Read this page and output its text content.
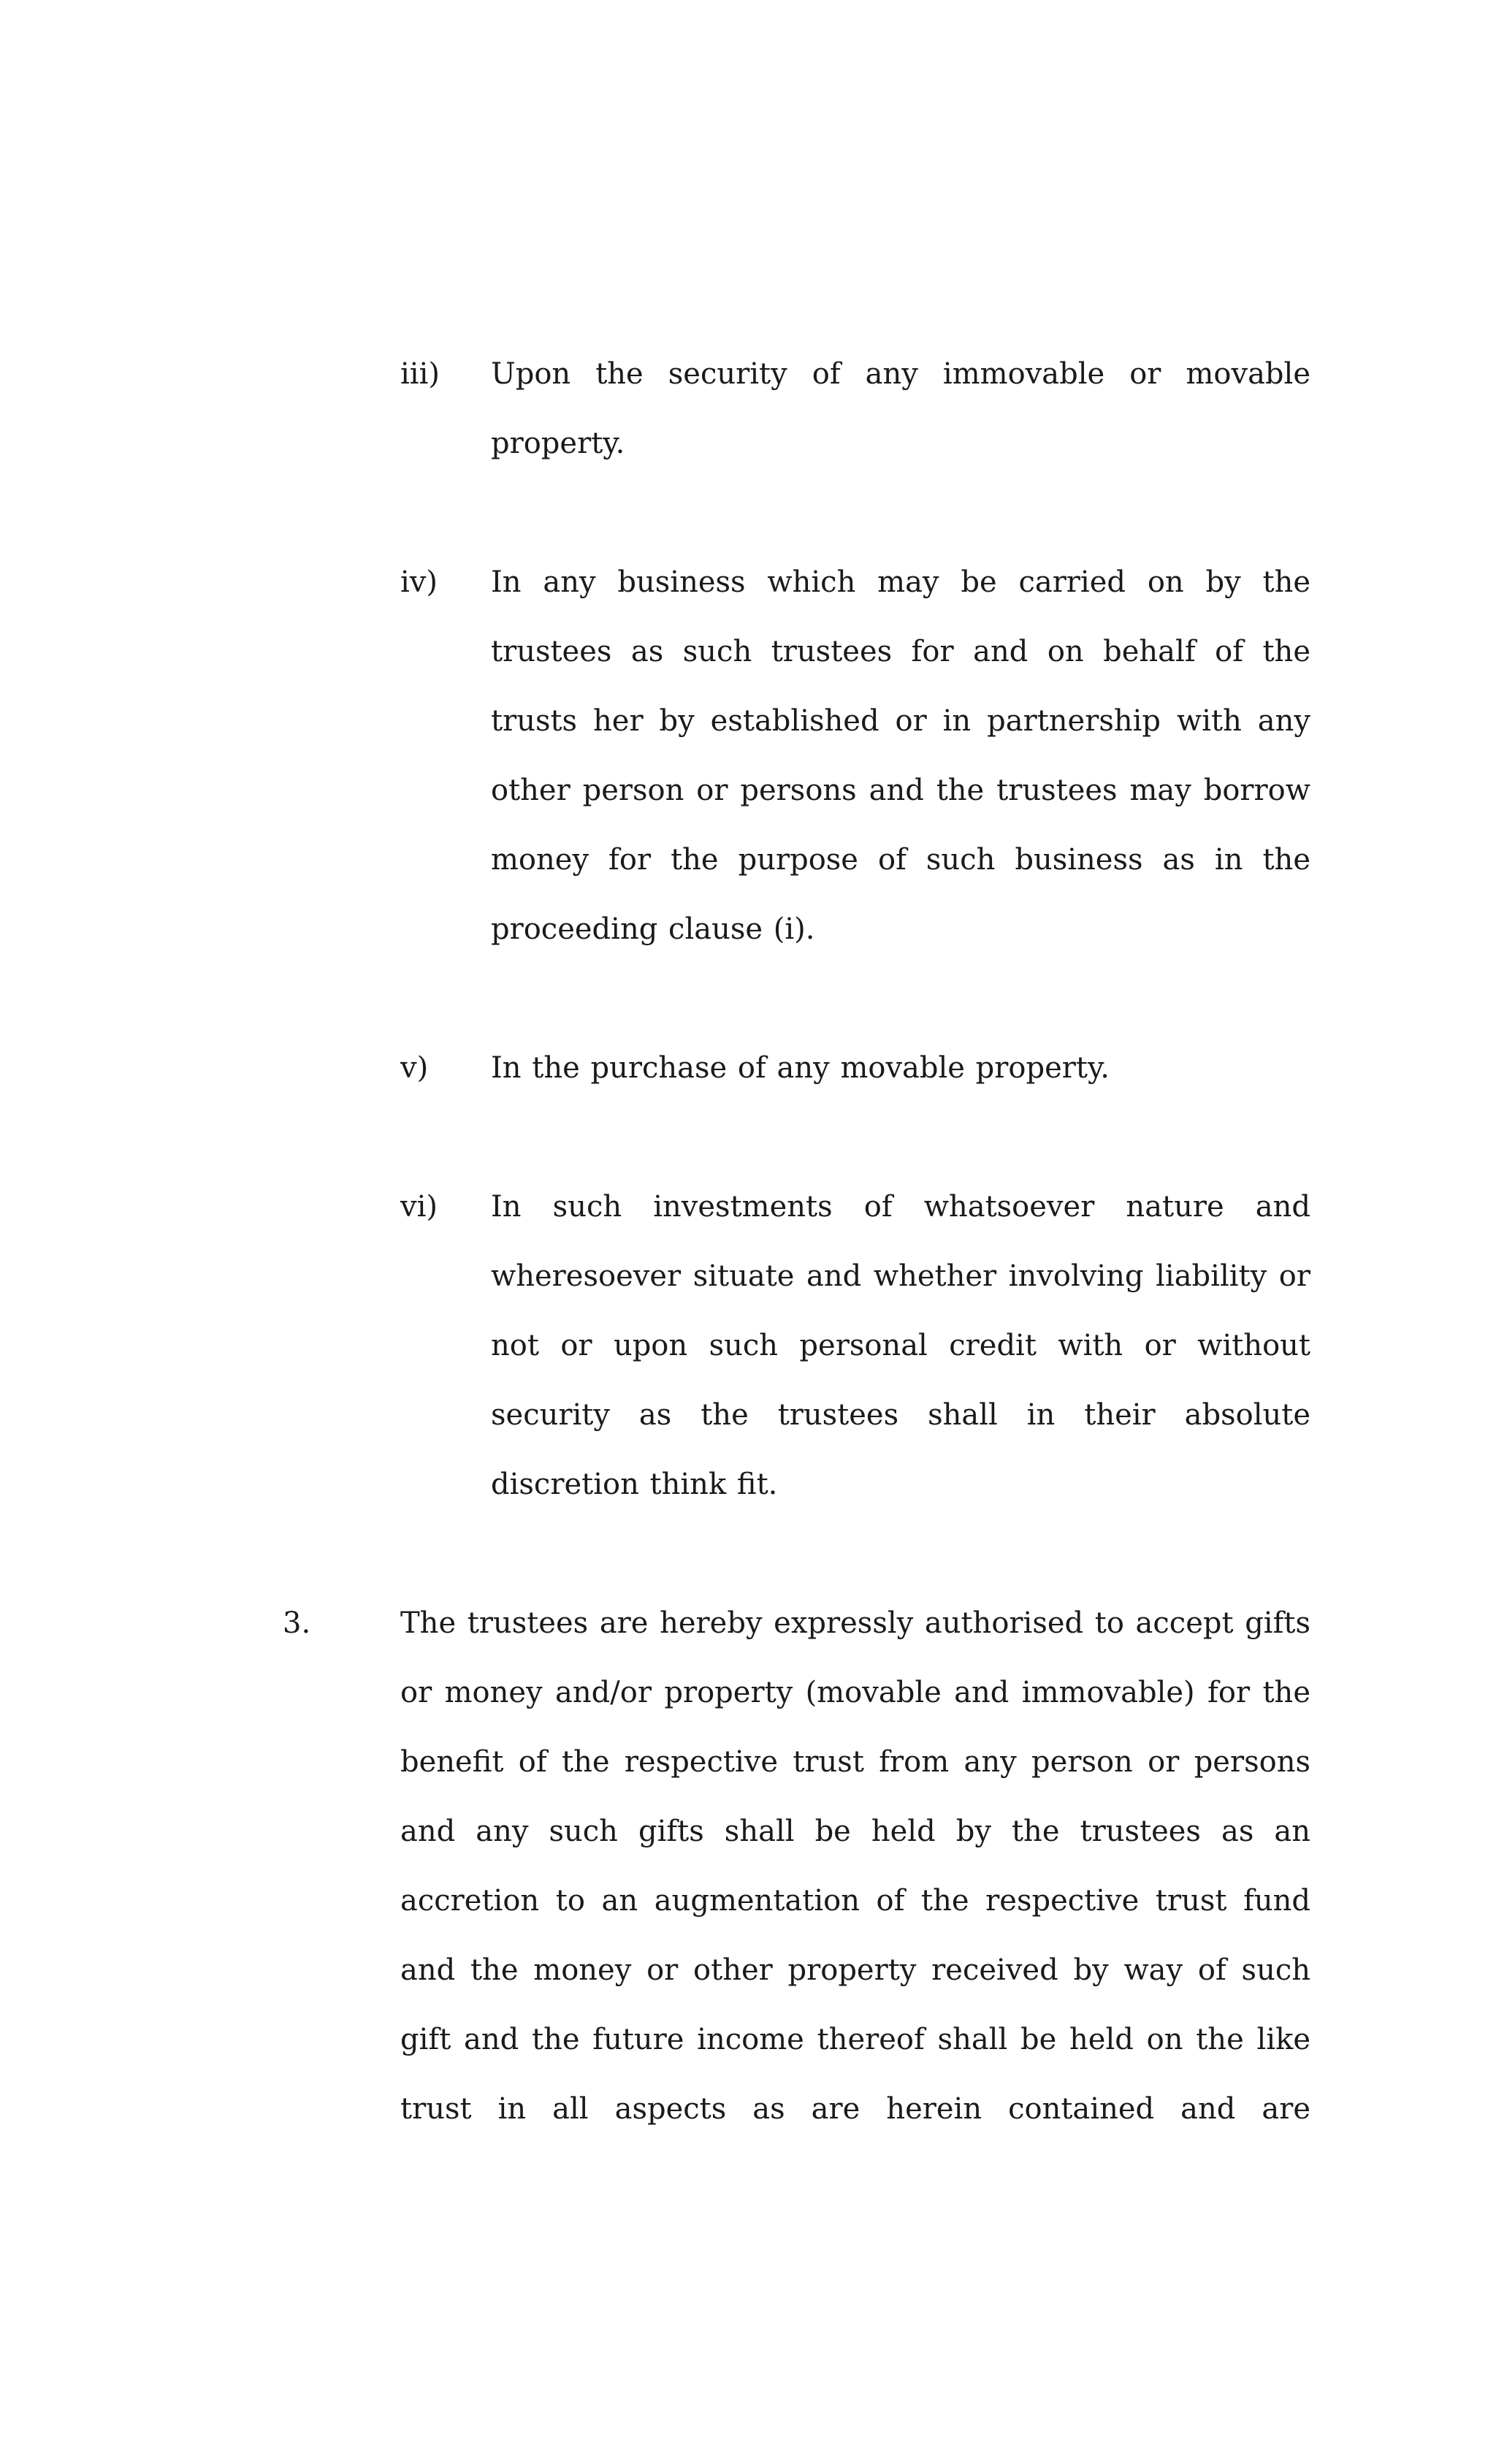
iii) Upon the security of any immovable or movable property.
iv) In any business which may be carried on by the trustees as such trustees for and on behalf of the trusts her by established or in partnership with any other person or persons and the trustees may borrow money for the purpose of such business as in the proceeding clause (i).
v) In the purchase of any movable property.
vi) In such investments of whatsoever nature and wheresoever situate and whether involving liability or not or upon such personal credit with or without security as the trustees shall in their absolute discretion think fit.
3.	The trustees are hereby expressly authorised to accept gifts or money and/or property (movable and immovable) for the benefit of the respective trust from any person or persons and any such gifts shall be held by the trustees as an accretion to an augmentation of the respective trust fund and the money or other property received by way of such gift and the future income thereof shall be held on the like trust in all aspects as are herein contained and are
